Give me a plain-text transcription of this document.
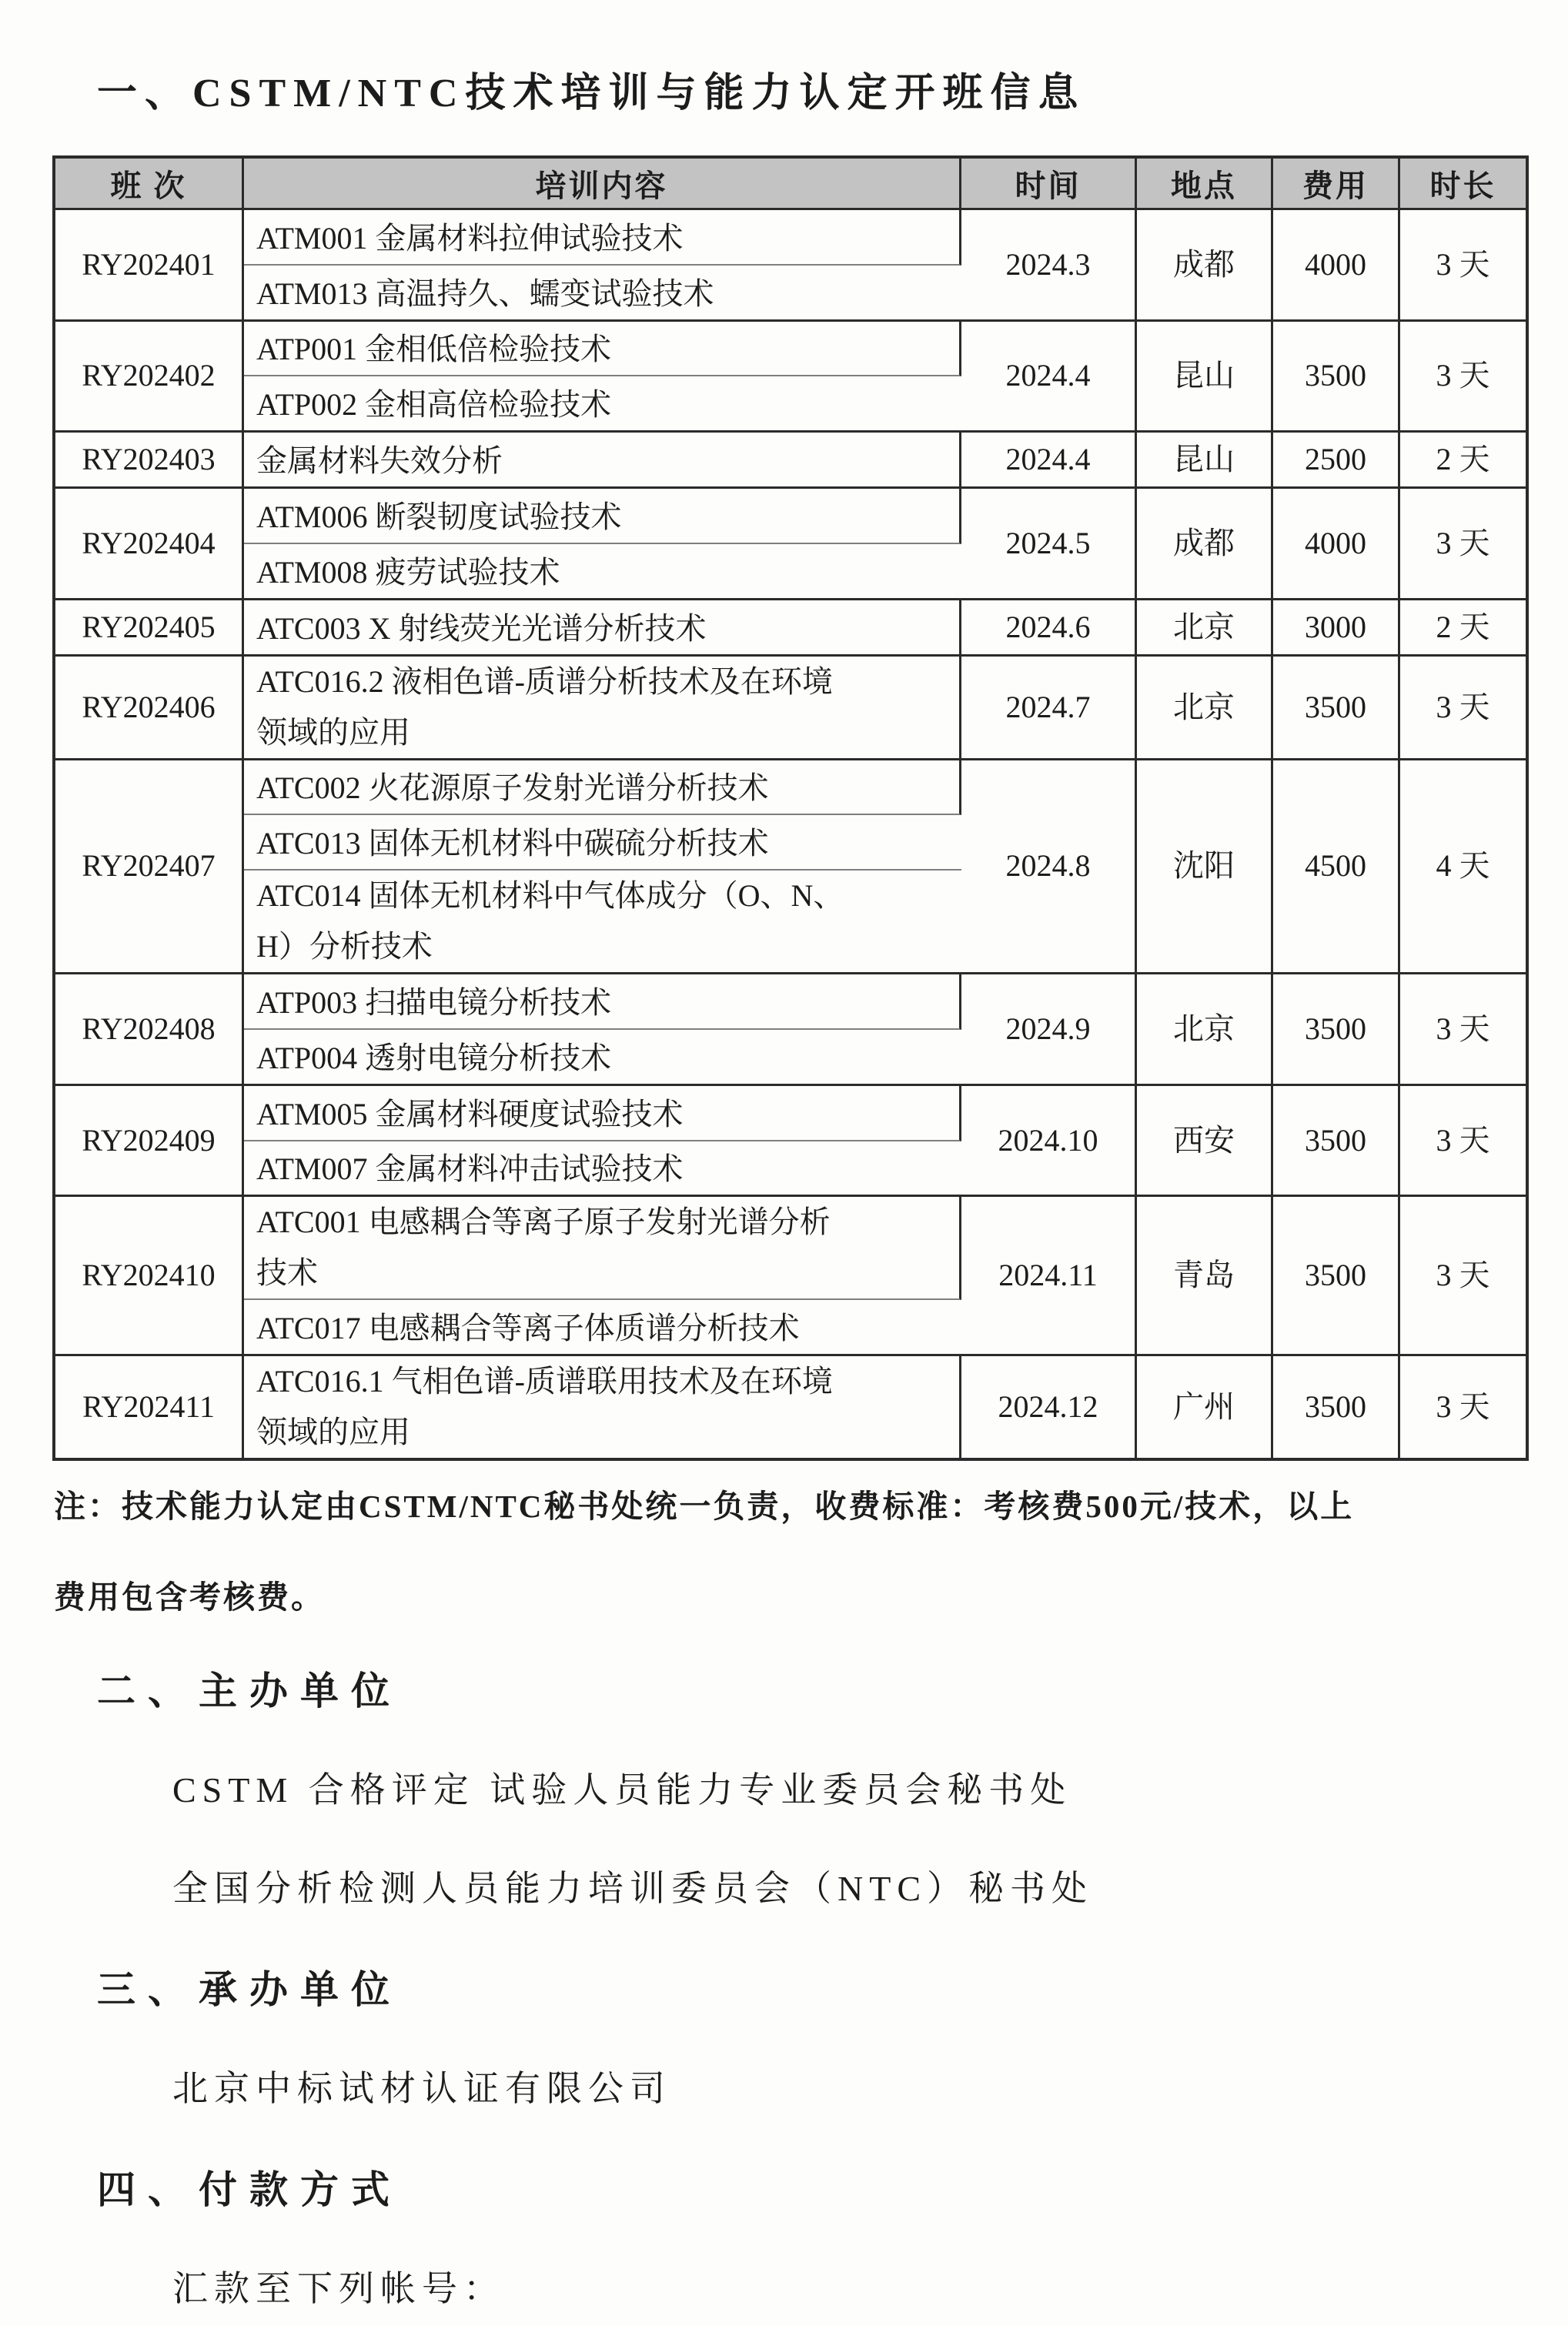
一、CSTM/NTC技术培训与能力认定开班信息
班 次	培训内容	时间	地点	费用	时长
RY202401	ATM001 金属材料拉伸试验技术	2024.3	成都	4000	3 天
	ATM013 高温持久、蠕变试验技术				
RY202402	ATP001 金相低倍检验技术	2024.4	昆山	3500	3 天
	ATP002 金相高倍检验技术				
RY202403	金属材料失效分析	2024.4	昆山	2500	2 天
RY202404	ATM006 断裂韧度试验技术	2024.5	成都	4000	3 天
	ATM008 疲劳试验技术				
RY202405	ATC003 X 射线荧光光谱分析技术	2024.6	北京	3000	2 天
RY202406	ATC016.2 液相色谱-质谱分析技术及在环境领域的应用	2024.7	北京	3500	3 天
RY202407	ATC002 火花源原子发射光谱分析技术	2024.8	沈阳	4500	4 天
	ATC013 固体无机材料中碳硫分析技术				
	ATC014 固体无机材料中气体成分（O、N、H）分析技术				
RY202408	ATP003 扫描电镜分析技术	2024.9	北京	3500	3 天
	ATP004 透射电镜分析技术				
RY202409	ATM005 金属材料硬度试验技术	2024.10	西安	3500	3 天
	ATM007 金属材料冲击试验技术				
RY202410	ATC001 电感耦合等离子原子发射光谱分析技术	2024.11	青岛	3500	3 天
	ATC017 电感耦合等离子体质谱分析技术				
RY202411	ATC016.1 气相色谱-质谱联用技术及在环境领域的应用	2024.12	广州	3500	3 天
注：技术能力认定由CSTM/NTC秘书处统一负责，收费标准：考核费500元/技术，以上
费用包含考核费。
二、主办单位
CSTM 合格评定 试验人员能力专业委员会秘书处
全国分析检测人员能力培训委员会（NTC）秘书处
三、承办单位
北京中标试材认证有限公司
四、付款方式
汇款至下列帐号：
